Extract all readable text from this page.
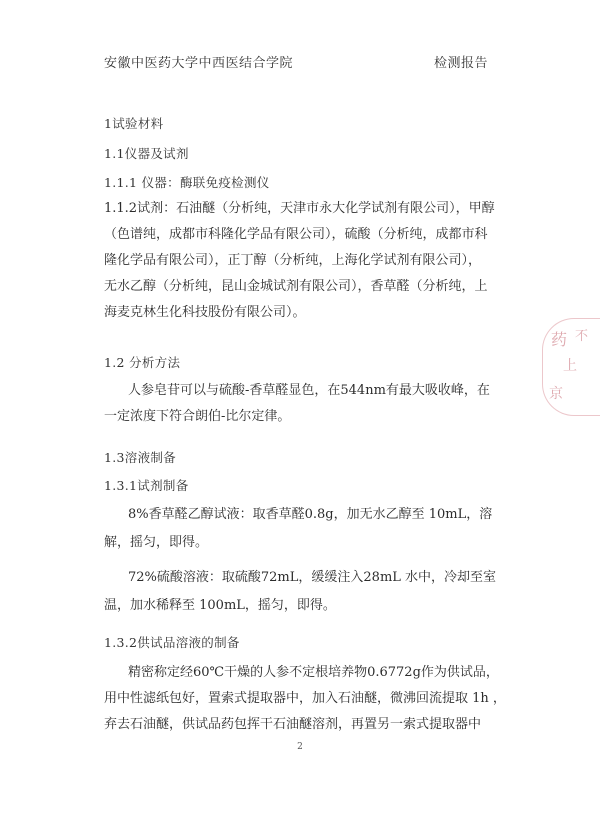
安徽中医药大学中西医结合学院	检测报告
1试验材料
1.1仪器及试剂
1.1.1 仪器：酶联免疫检测仪
1.1.2试剂：石油醚（分析纯，天津市永大化学试剂有限公司），甲醇
（色谱纯，成都市科隆化学品有限公司），硫酸（分析纯，成都市科
隆化学品有限公司），正丁醇（分析纯，上海化学试剂有限公司），
无水乙醇（分析纯，昆山金城试剂有限公司），香草醛（分析纯，上
海麦克林生化科技股份有限公司）。
1.2 分析方法
人参皂苷可以与硫酸-香草醛显色，在544nm有最大吸收峰，在
一定浓度下符合朗伯-比尔定律。
1.3溶液制备
1.3.1试剂制备
8%香草醛乙醇试液：取香草醛0.8g，加无水乙醇至 10mL，溶
解，摇匀，即得。
72%硫酸溶液：取硫酸72mL，缓缓注入28mL 水中，冷却至室
温，加水稀释至 100mL，摇匀，即得。
1.3.2供试品溶液的制备
精密称定经60℃干燥的人参不定根培养物0.6772g作为供试品，
用中性滤纸包好，置索式提取器中，加入石油醚，微沸回流提取 1h ，
弃去石油醚，供试品药包挥干石油醚溶剂，再置另一索式提取器中
2
药 不
上
京
